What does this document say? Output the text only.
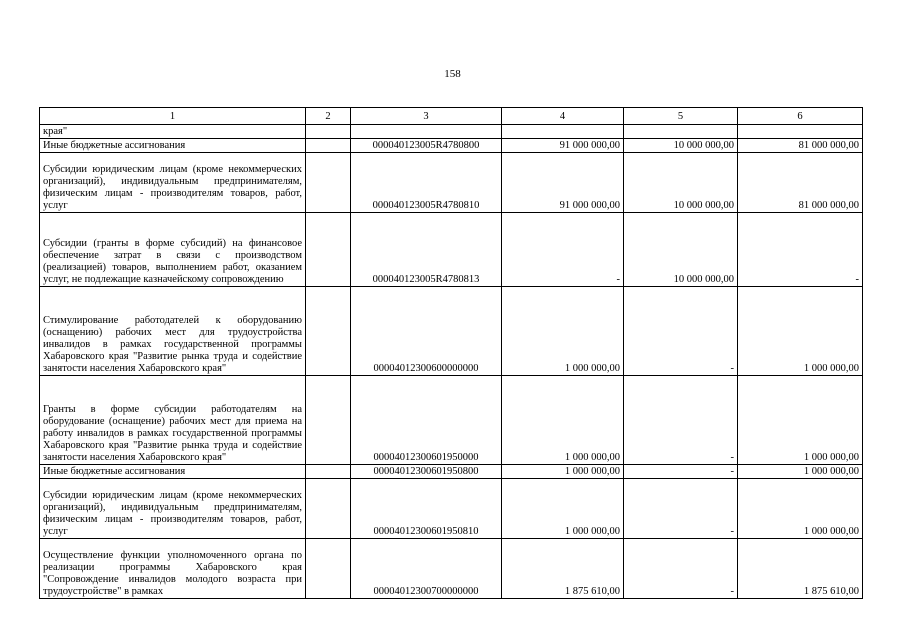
158
1	2	3	4	5	6
края"					
Иные бюджетные ассигнования		000040123005R4780800	91 000 000,00	10 000 000,00	81 000 000,00
Субсидии юридическим лицам (кроме некоммерческих организаций), индивидуальным предпринимателям, физическим лицам - производителям товаров, работ, услуг		000040123005R4780810	91 000 000,00	10 000 000,00	81 000 000,00
Субсидии (гранты в форме субсидий) на финансовое обеспечение затрат в связи с производством (реализацией) товаров, выполнением работ, оказанием услуг, не подлежащие казначейскому сопровождению		000040123005R4780813	-	10 000 000,00	-
Стимулирование работодателей к оборудованию (оснащению) рабочих мест для трудоустройства инвалидов в рамках государственной программы Хабаровского края "Развитие рынка труда и содействие занятости населения Хабаровского края"		00004012300600000000	1 000 000,00	-	1 000 000,00
Гранты в форме субсидии работодателям на оборудование (оснащение) рабочих мест для приема на работу инвалидов в рамках государственной программы Хабаровского края "Развитие рынка труда и содействие занятости населения Хабаровского края"		00004012300601950000	1 000 000,00	-	1 000 000,00
Иные бюджетные ассигнования		00004012300601950800	1 000 000,00	-	1 000 000,00
Субсидии юридическим лицам (кроме некоммерческих организаций), индивидуальным предпринимателям, физическим лицам - производителям товаров, работ, услуг		00004012300601950810	1 000 000,00	-	1 000 000,00
Осуществление функции уполномоченного органа по реализации программы Хабаровского края "Сопровождение инвалидов молодого возраста при трудоустройстве" в рамках		00004012300700000000	1 875 610,00	-	1 875 610,00
